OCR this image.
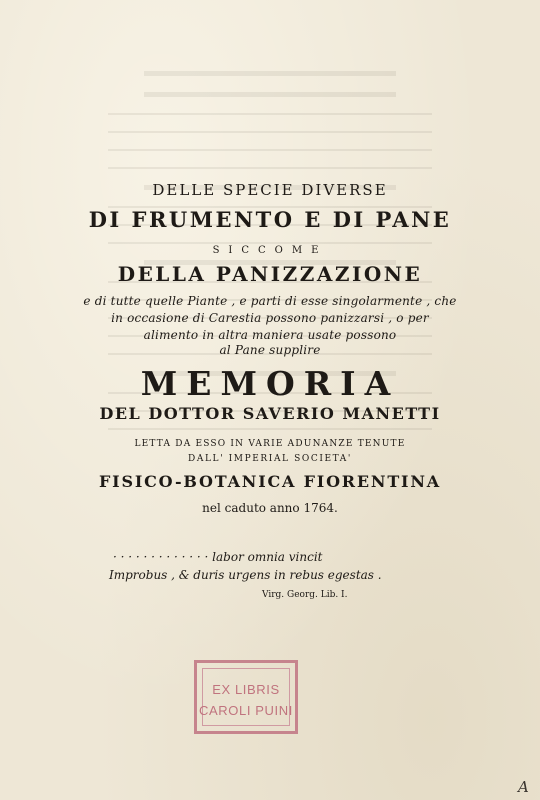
DELLE SPECIE DIVERSE
DI FRUMENTO E DI PANE
SICCOME
DELLA PANIZZAZIONE
e di tutte quelle Piante , e parti di esse singolarmente , che
in occasione di Carestia possono panizzarsi , o per
alimento in altra maniera usate possono
al Pane supplire
MEMORIA
DEL DOTTOR SAVERIO MANETTI
LETTA DA ESSO IN VARIE ADUNANZE TENUTE
DALL' IMPERIAL SOCIETA'
FISICO-BOTANICA FIORENTINA
nel caduto anno 1764.
· · · · · · · · · · · · · labor omnia vincit
Improbus , & duris urgens in rebus egestas .
Virg. Georg. Lib. I.
EX LIBRIS
CAROLI PUINI
A
